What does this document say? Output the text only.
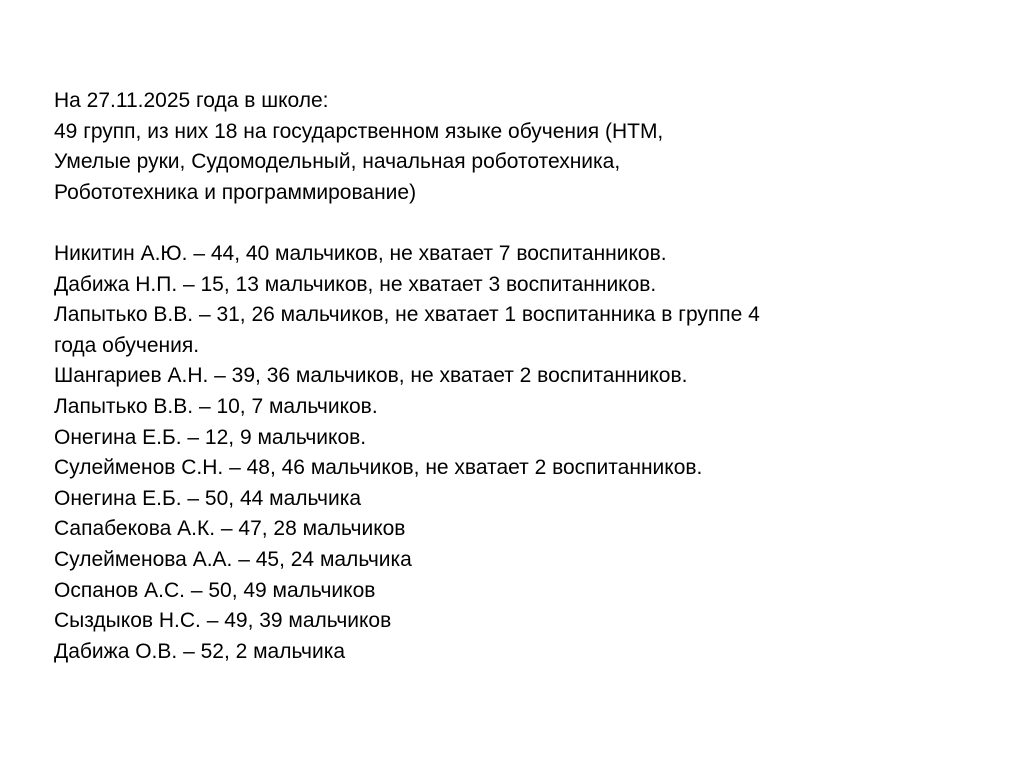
На 27.11.2025 года в школе:
49 групп, из них 18 на государственном языке обучения (НТМ,
Умелые руки, Судомодельный, начальная робототехника,
Робототехника и программирование)
Никитин А.Ю. – 44, 40 мальчиков, не хватает 7 воспитанников.
Дабижа Н.П. – 15, 13 мальчиков, не хватает 3 воспитанников.
Лапытько В.В. – 31, 26 мальчиков, не хватает 1 воспитанника в группе 4
года обучения.
Шангариев А.Н. – 39, 36 мальчиков, не хватает 2 воспитанников.
Лапытько В.В. – 10, 7 мальчиков.
Онегина Е.Б. – 12, 9 мальчиков.
Сулейменов С.Н. – 48, 46 мальчиков, не хватает 2 воспитанников.
Онегина Е.Б. – 50, 44 мальчика
Сапабекова А.К. – 47, 28 мальчиков
Сулейменова А.А. – 45, 24 мальчика
Оспанов А.С. – 50, 49 мальчиков
Сыздыков Н.С. – 49, 39 мальчиков
Дабижа О.В. – 52, 2 мальчика
